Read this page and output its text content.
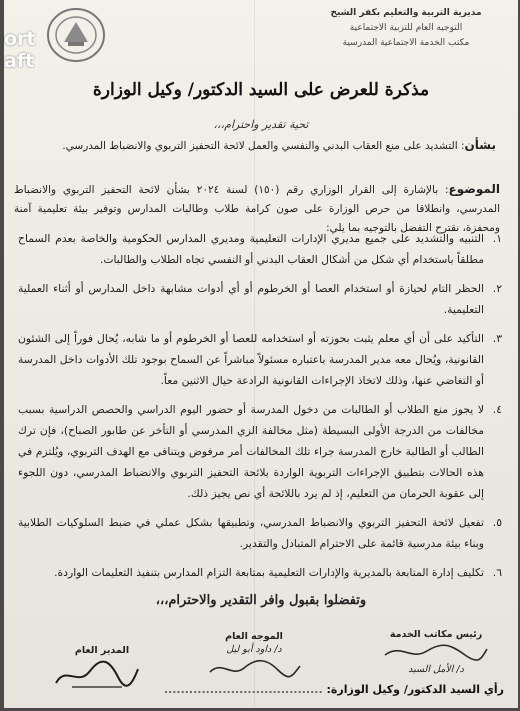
مديرية التربية والتعليم بكفر الشيخ
التوجيه العام للتربية الاجتماعية
مكتب الخدمة الاجتماعية المدرسية
ort
aft
مذكرة للعرض على السيد الدكتور/ وكيل الوزارة
تحية تقدير واحترام،،،
بشأن: التشديد على منع العقاب البدني والنفسي والعمل لائحة التحفيز التربوي والانضباط المدرسي.
الموضوع: بالإشارة إلى القرار الوزاري رقم (١٥٠) لسنة ٢٠٢٤ بشأن لائحة التحفيز التربوي والانضباط المدرسي، وانطلاقا من حرص الوزارة على صون كرامة طلاب وطالبات المدارس وتوفير بيئة تعليمية آمنة ومحفزة، نقترح التفضل بالتوجيه بما يلي:
١.
التنبيه والتشديد على جميع مديري الإدارات التعليمية ومديري المدارس الحكومية والخاصة بعدم السماح مطلقاً باستخدام أي شكل من أشكال العقاب البدني أو النفسي تجاه الطلاب والطالبات.
٢.
الحظر التام لحيازة أو استخدام العصا أو الخرطوم أو أي أدوات مشابهة داخل المدارس أو أثناء العملية التعليمية.
٣.
التأكيد على أن أي معلم يثبت بحوزته أو استخدامه للعصا أو الخرطوم أو ما شابه، يُحال فوراً إلى الشئون القانونية، ويُحال معه مدير المدرسة باعتباره مسئولاً مباشراً عن السماح بوجود تلك الأدوات داخل المدرسة أو التغاضي عنها، وذلك لاتخاذ الإجراءات القانونية الرادعة حيال الاثنين معاً.
٤.
لا يجوز منع الطلاب أو الطالبات من دخول المدرسة أو حضور اليوم الدراسي والحصص الدراسية بسبب مخالفات من الدرجة الأولى البسيطة (مثل مخالفة الزي المدرسي أو التأخر عن طابور الصباح)، فإن ترك الطالب أو الطالبة خارج المدرسة جراء تلك المخالفات أمر مرفوض ويتنافى مع الهدف التربوي، ويُلتزم في هذه الحالات بتطبيق الإجراءات التربوية الواردة بلائحة التحفيز التربوي والانضباط المدرسي، دون اللجوء إلى عقوبة الحرمان من التعليم، إذ لم يرد باللائحة أي نص يجيز ذلك.
٥.
تفعيل لائحة التحفيز التربوي والانضباط المدرسي، وتطبيقها بشكل عملي في ضبط السلوكيات الطلابية وبناء بيئة مدرسية قائمة على الاحترام المتبادل والتقدير.
٦.
تكليف إدارة المتابعة بالمديرية والإدارات التعليمية بمتابعة التزام المدارس بتنفيذ التعليمات الواردة.
وتفضلوا بقبول وافر التقدير والاحترام،،،
رئيس مكاتب الخدمة
د/ الأمل السيد
الموجه العام
د/ داود أبو ليل
المدير العام
رأي السيد الدكتور/ وكيل الوزارة: ......................................
